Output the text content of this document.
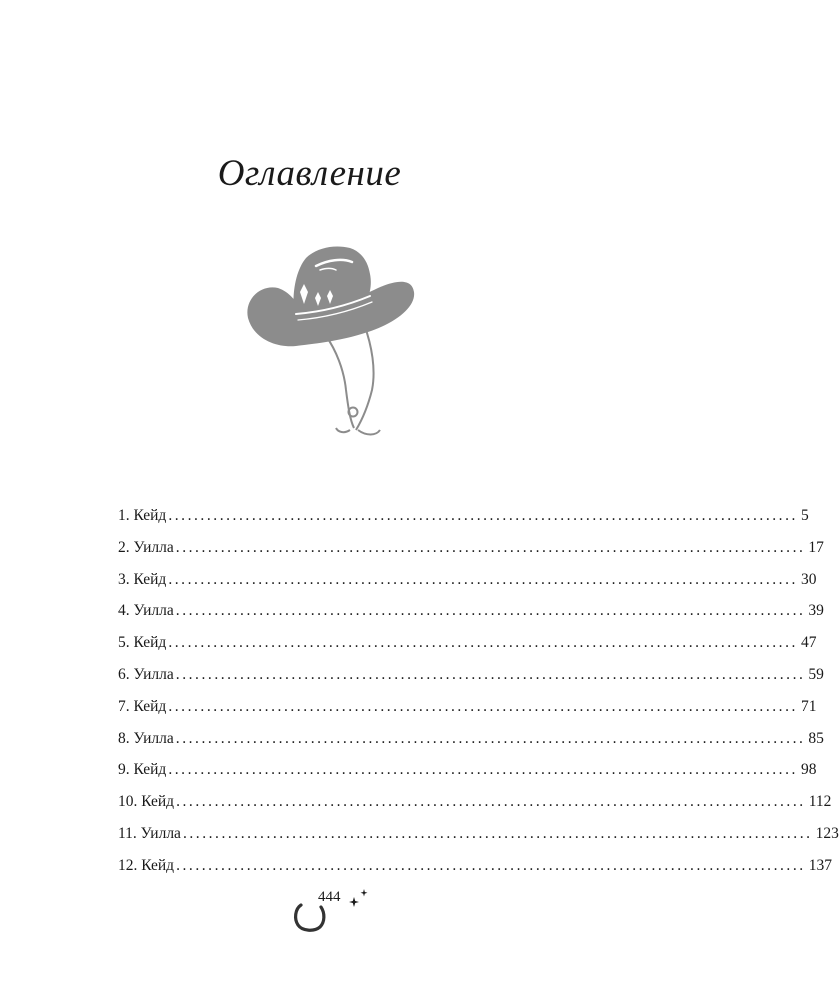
Оглавление
1. Кейд .................................................................................................. 5
2. Уилла .................................................................................................. 17
3. Кейд .................................................................................................. 30
4. Уилла .................................................................................................. 39
5. Кейд .................................................................................................. 47
6. Уилла .................................................................................................. 59
7. Кейд .................................................................................................. 71
8. Уилла .................................................................................................. 85
9. Кейд .................................................................................................. 98
10. Кейд .................................................................................................. 112
11. Уилла .................................................................................................. 123
12. Кейд .................................................................................................. 137
444
